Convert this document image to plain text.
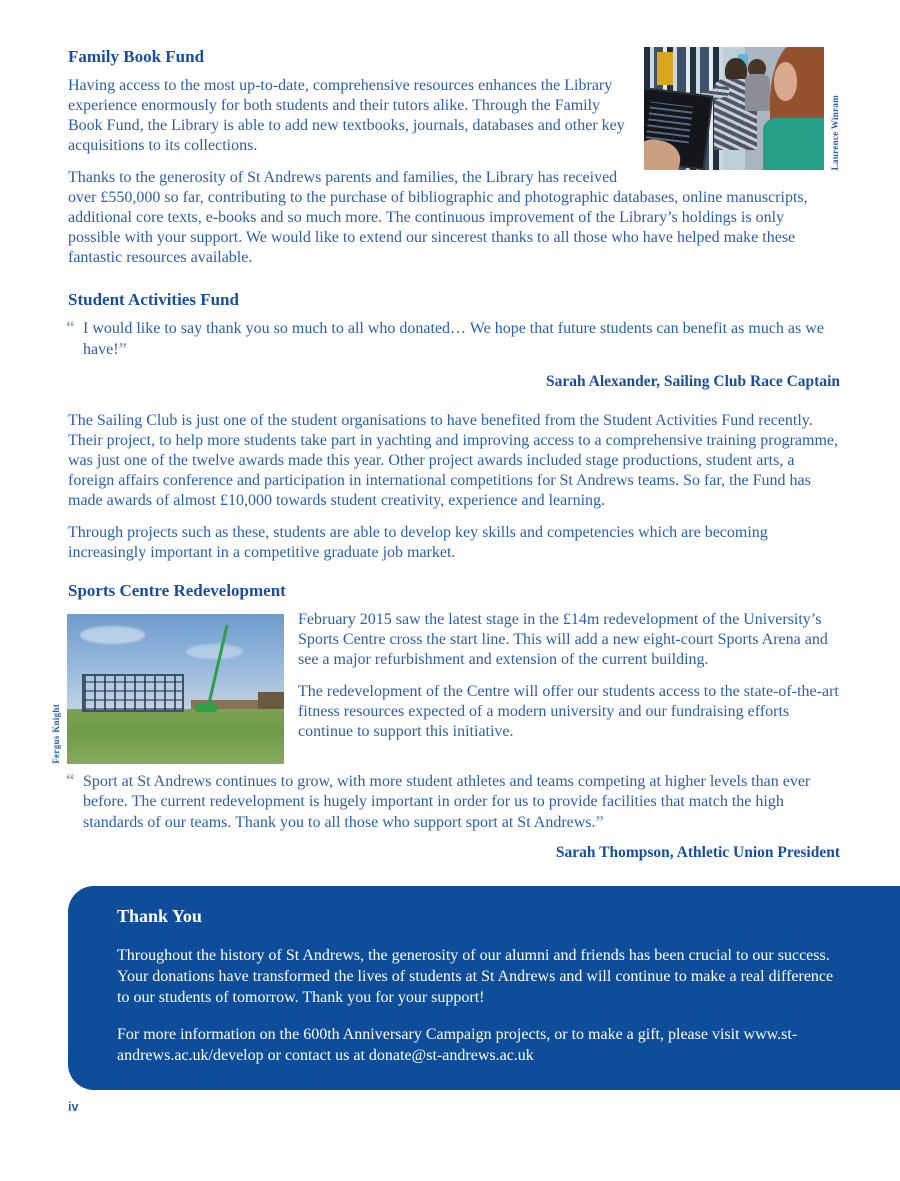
Laurence Winram
Family Book Fund

Having access to the most up-to-date, comprehensive resources enhances the Library experience enormously for both students and their tutors alike. Through the Family Book Fund, the Library is able to add new textbooks, journals, databases and other key acquisitions to its collections.

Thanks to the generosity of St Andrews parents and families, the Library has received over £550,000 so far, contributing to the purchase of bibliographic and photographic databases, online manuscripts, additional core texts, e-books and so much more. The continuous improvement of the Library’s holdings is only possible with your support. We would like to extend our sincerest thanks to all those who have helped make these fantastic resources available.

Student Activities Fund
“ I would like to say thank you so much to all who donated… We hope that future students can benefit as much as we have!”
Sarah Alexander, Sailing Club Race Captain

The Sailing Club is just one of the student organisations to have benefited from the Student Activities Fund recently. Their project, to help more students take part in yachting and improving access to a comprehensive training programme, was just one of the twelve awards made this year. Other project awards included stage productions, student arts, a foreign affairs conference and participation in international competitions for St Andrews teams. So far, the Fund has made awards of almost £10,000 towards student creativity, experience and learning.

Through projects such as these, students are able to develop key skills and competencies which are becoming increasingly important in a competitive graduate job market.

Sports Centre Redevelopment
Fergus Knight

February 2015 saw the latest stage in the £14m redevelopment of the University’s Sports Centre cross the start line. This will add a new eight-court Sports Arena and see a major refurbishment and extension of the current building.

The redevelopment of the Centre will offer our students access to the state-of-the-art fitness resources expected of a modern university and our fundraising efforts continue to support this initiative.

“ Sport at St Andrews continues to grow, with more student athletes and teams competing at higher levels than ever before. The current redevelopment is hugely important in order for us to provide facilities that match the high standards of our teams. Thank you to all those who support sport at St Andrews.”
Sarah Thompson, Athletic Union President
Thank You

Throughout the history of St Andrews, the generosity of our alumni and friends has been crucial to our success. Your donations have transformed the lives of students at St Andrews and will continue to make a real difference to our students of tomorrow. Thank you for your support!

For more information on the 600th Anniversary Campaign projects, or to make a gift, please visit www.st-andrews.ac.uk/develop or contact us at donate@st-andrews.ac.uk

iv
